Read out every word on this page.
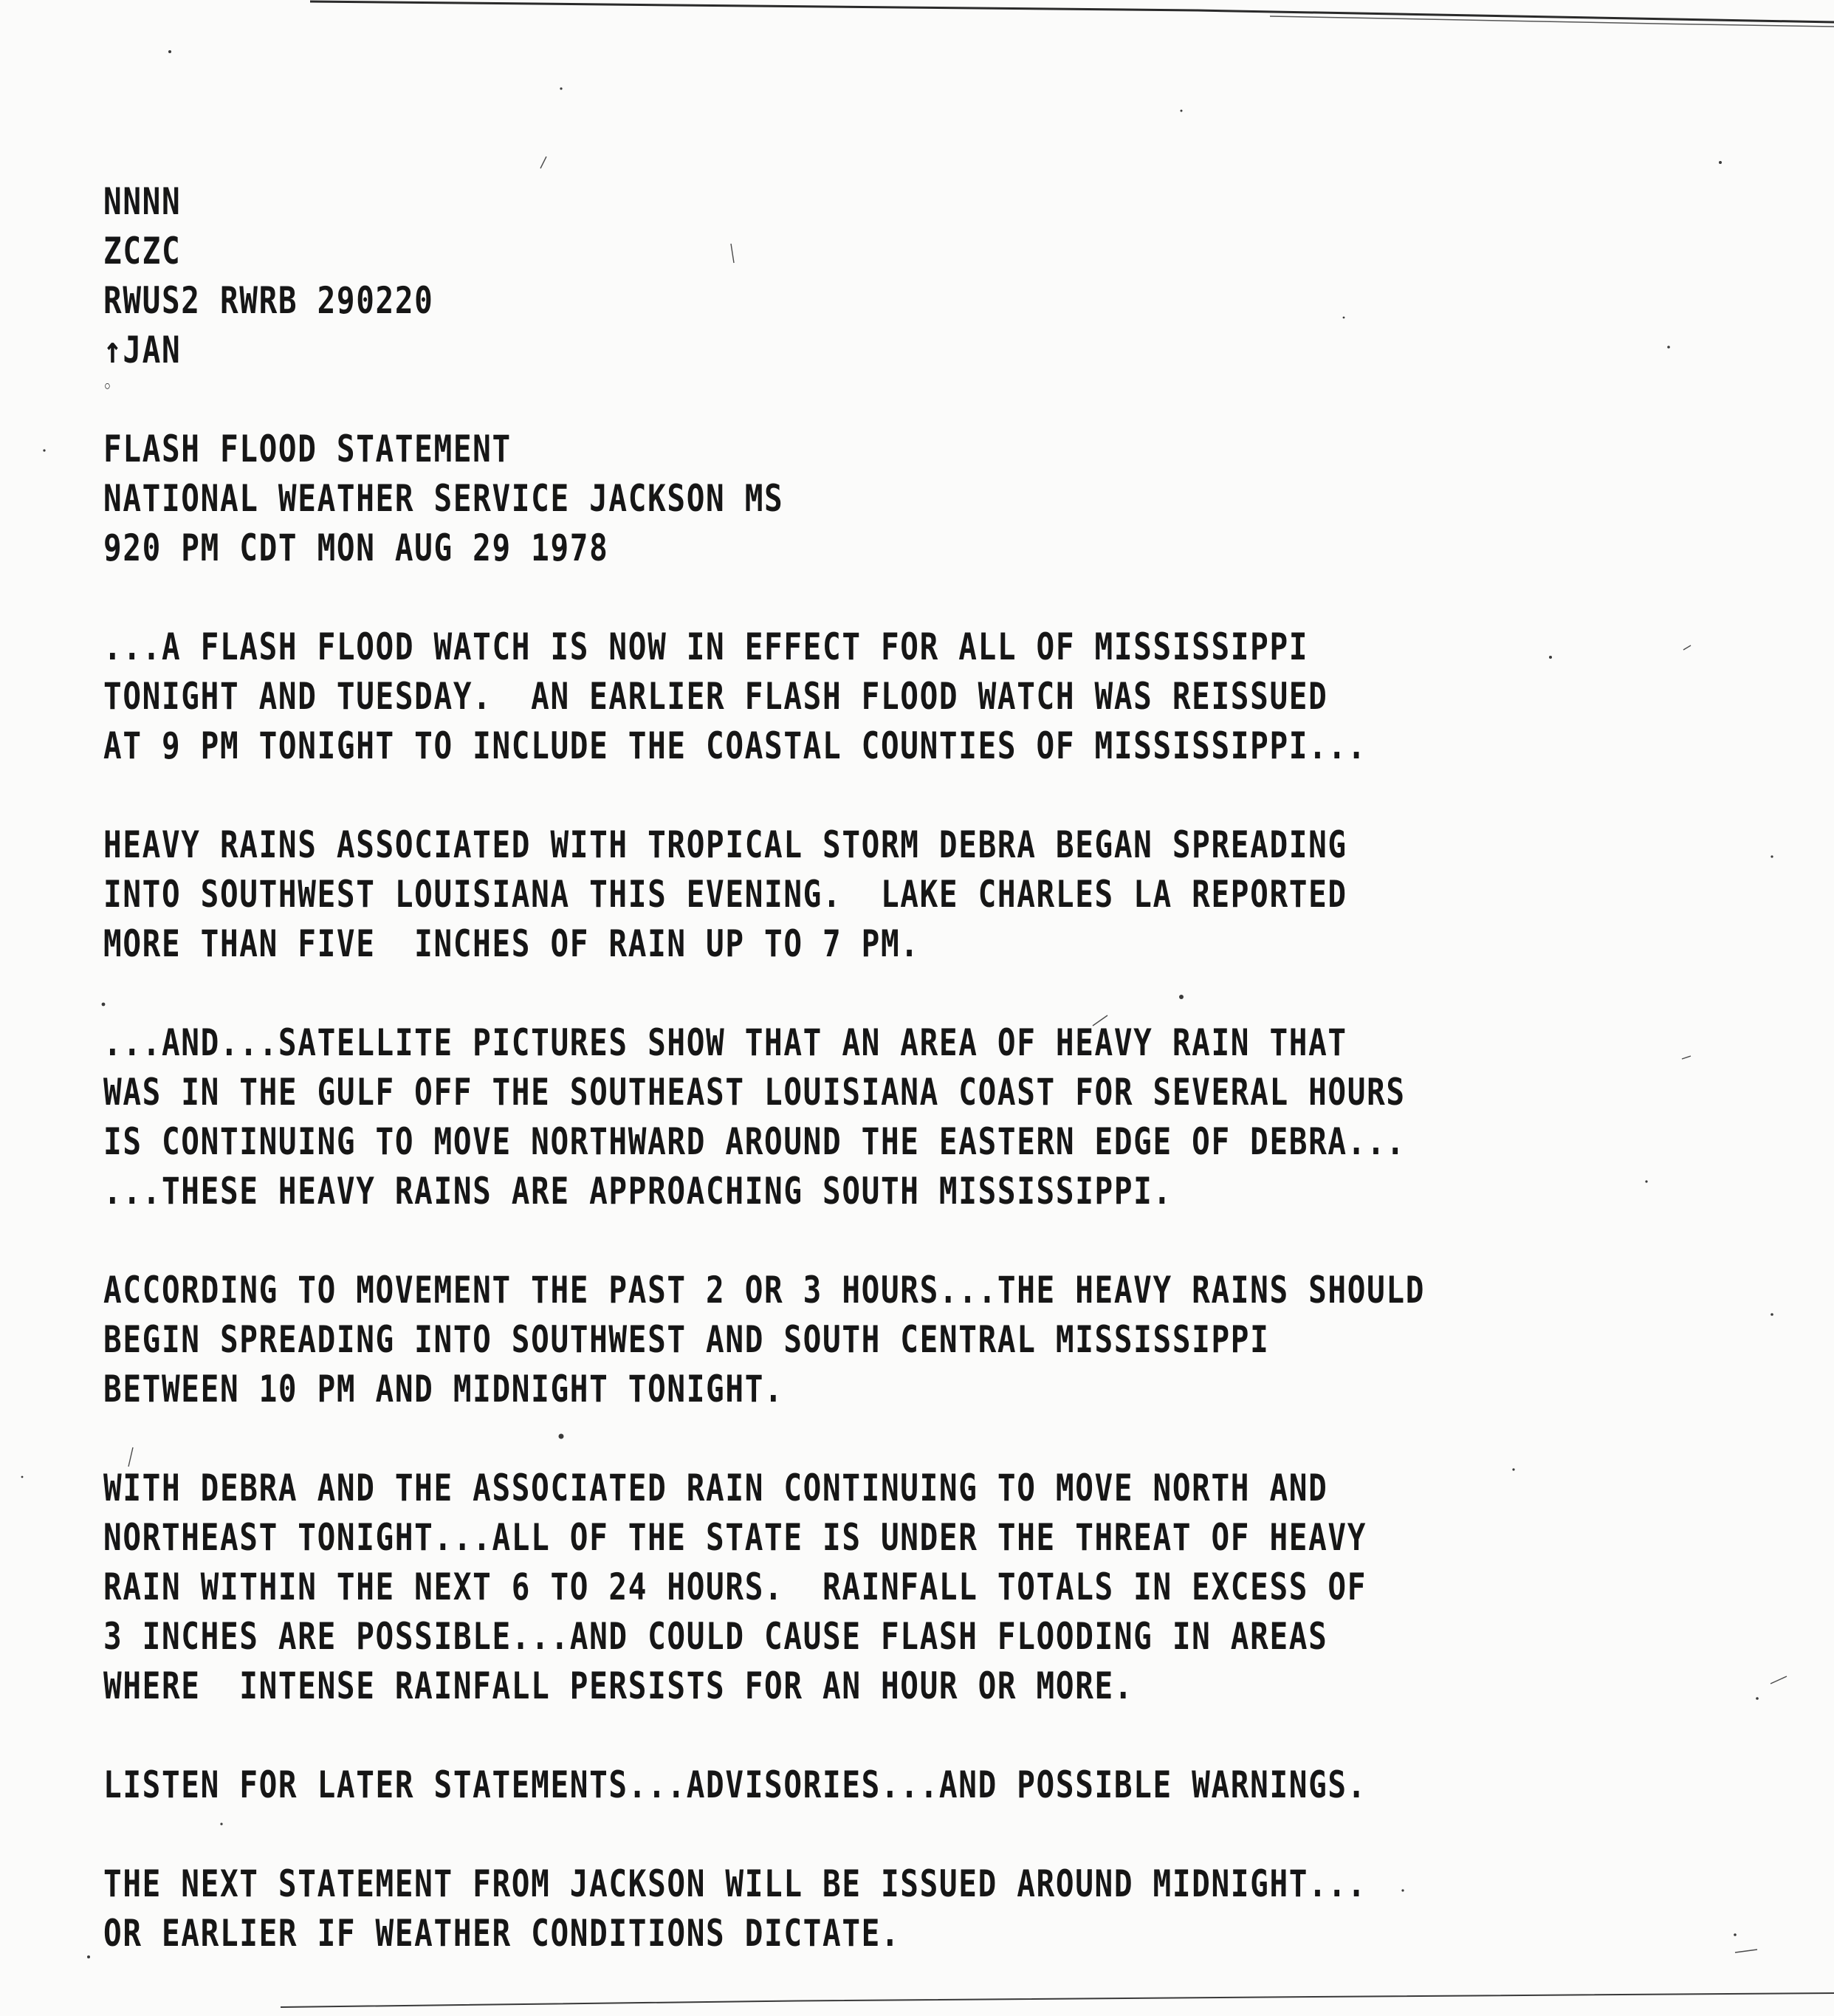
NNNN
ZCZC
RWUS2 RWRB 290220
↑JAN
◦
FLASH FLOOD STATEMENT
NATIONAL WEATHER SERVICE JACKSON MS
920 PM CDT MON AUG 29 1978
...A FLASH FLOOD WATCH IS NOW IN EFFECT FOR ALL OF MISSISSIPPI
TONIGHT AND TUESDAY.  AN EARLIER FLASH FLOOD WATCH WAS REISSUED
AT 9 PM TONIGHT TO INCLUDE THE COASTAL COUNTIES OF MISSISSIPPI...
HEAVY RAINS ASSOCIATED WITH TROPICAL STORM DEBRA BEGAN SPREADING
INTO SOUTHWEST LOUISIANA THIS EVENING.  LAKE CHARLES LA REPORTED
MORE THAN FIVE  INCHES OF RAIN UP TO 7 PM.
...AND...SATELLITE PICTURES SHOW THAT AN AREA OF HEAVY RAIN THAT
WAS IN THE GULF OFF THE SOUTHEAST LOUISIANA COAST FOR SEVERAL HOURS
IS CONTINUING TO MOVE NORTHWARD AROUND THE EASTERN EDGE OF DEBRA...
...THESE HEAVY RAINS ARE APPROACHING SOUTH MISSISSIPPI.
ACCORDING TO MOVEMENT THE PAST 2 OR 3 HOURS...THE HEAVY RAINS SHOULD
BEGIN SPREADING INTO SOUTHWEST AND SOUTH CENTRAL MISSISSIPPI
BETWEEN 10 PM AND MIDNIGHT TONIGHT.
WITH DEBRA AND THE ASSOCIATED RAIN CONTINUING TO MOVE NORTH AND
NORTHEAST TONIGHT...ALL OF THE STATE IS UNDER THE THREAT OF HEAVY
RAIN WITHIN THE NEXT 6 TO 24 HOURS.  RAINFALL TOTALS IN EXCESS OF
3 INCHES ARE POSSIBLE...AND COULD CAUSE FLASH FLOODING IN AREAS
WHERE  INTENSE RAINFALL PERSISTS FOR AN HOUR OR MORE.
LISTEN FOR LATER STATEMENTS...ADVISORIES...AND POSSIBLE WARNINGS.
THE NEXT STATEMENT FROM JACKSON WILL BE ISSUED AROUND MIDNIGHT...
OR EARLIER IF WEATHER CONDITIONS DICTATE.
